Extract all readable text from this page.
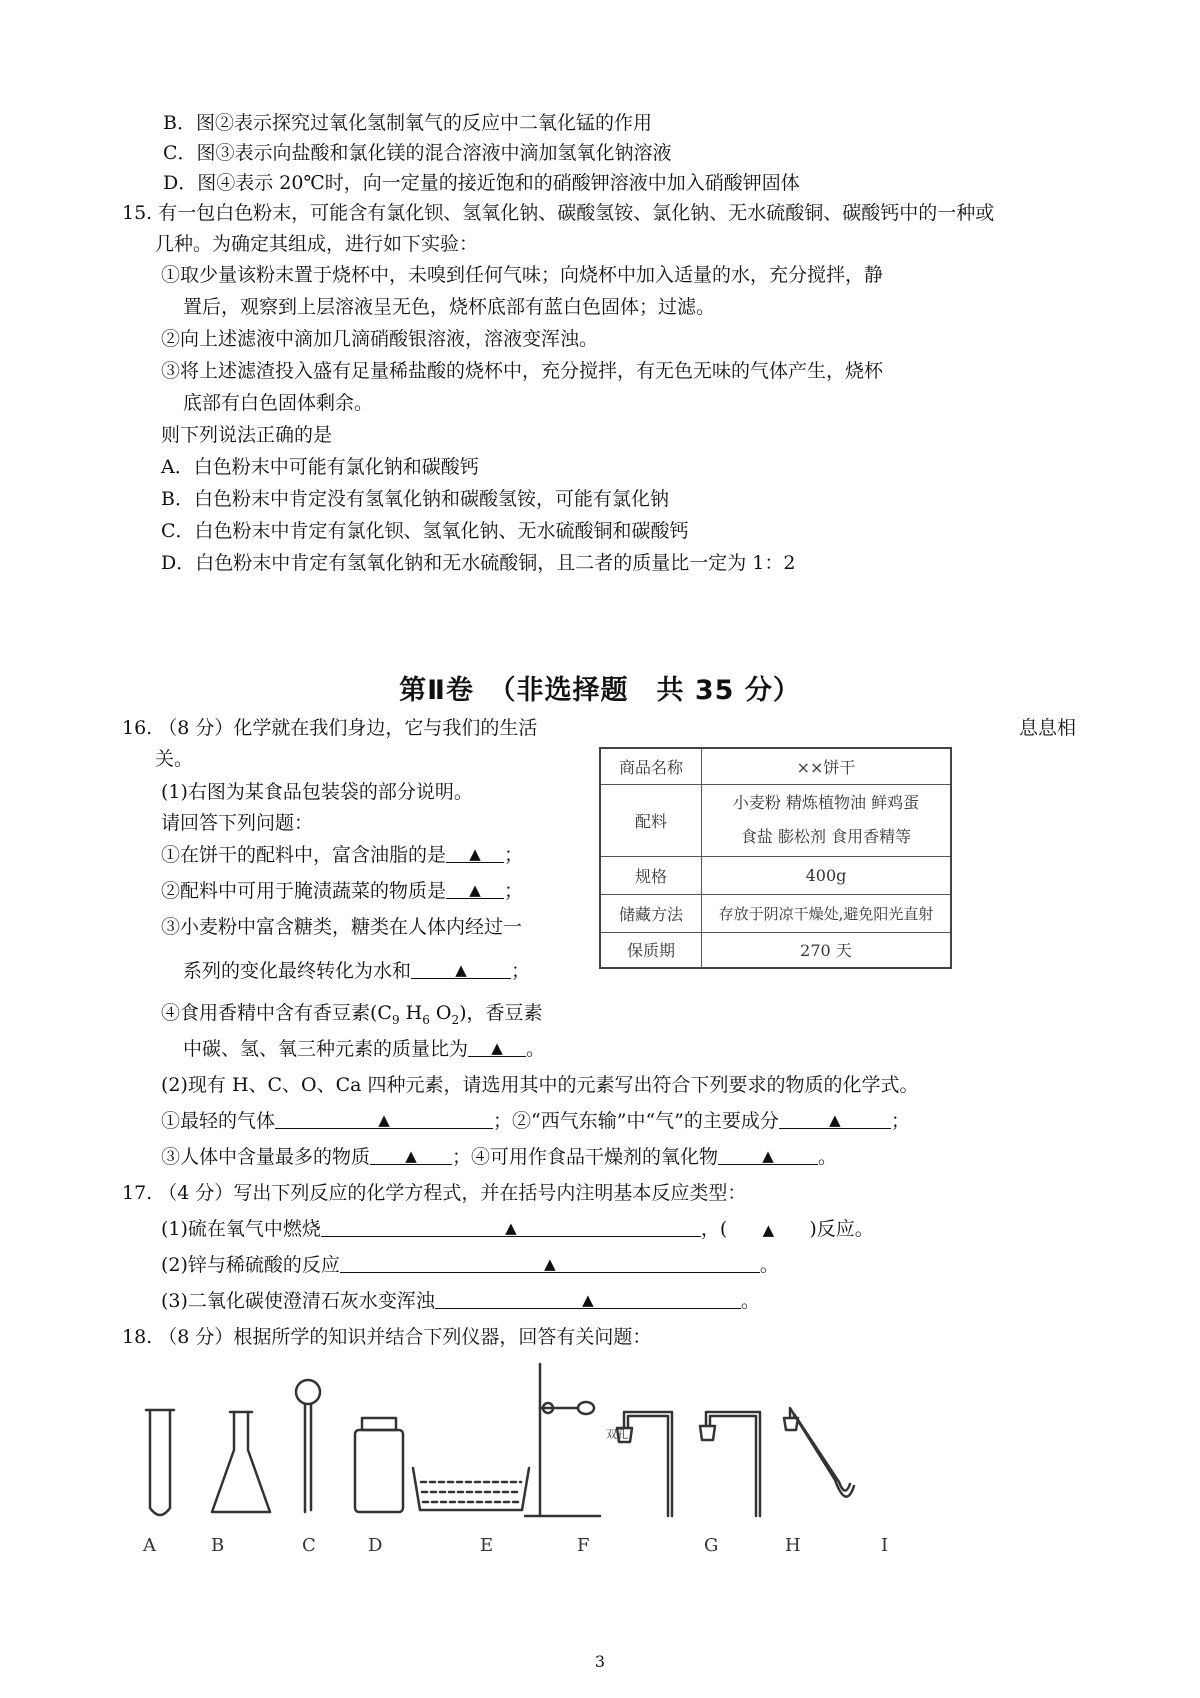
B．图②表示探究过氧化氢制氧气的反应中二氧化锰的作用
C．图③表示向盐酸和氯化镁的混合溶液中滴加氢氧化钠溶液
D．图④表示 20℃时，向一定量的接近饱和的硝酸钾溶液中加入硝酸钾固体
15. 有一包白色粉末，可能含有氯化钡、氢氧化钠、碳酸氢铵、氯化钠、无水硫酸铜、碳酸钙中的一种或
几种。为确定其组成，进行如下实验：
①取少量该粉末置于烧杯中，未嗅到任何气味；向烧杯中加入适量的水，充分搅拌，静
置后，观察到上层溶液呈无色，烧杯底部有蓝白色固体；过滤。
②向上述滤液中滴加几滴硝酸银溶液，溶液变浑浊。
③将上述滤渣投入盛有足量稀盐酸的烧杯中，充分搅拌，有无色无味的气体产生，烧杯
底部有白色固体剩余。
则下列说法正确的是
A．白色粉末中可能有氯化钠和碳酸钙
B．白色粉末中肯定没有氢氧化钠和碳酸氢铵，可能有氯化钠
C．白色粉末中肯定有氯化钡、氢氧化钠、无水硫酸铜和碳酸钙
D．白色粉末中肯定有氢氧化钠和无水硫酸铜，且二者的质量比一定为 1：2
第Ⅱ卷　（非选择题　共 35 分）
16. （8 分）化学就在我们身边，它与我们的生活	息息相
关。
(1)右图为某食品包装袋的部分说明。
请回答下列问题：
①在饼干的配料中，富含油脂的是 ▲ ；
②配料中可用于腌渍蔬菜的物质是 ▲ ；
③小麦粉中富含糖类，糖类在人体内经过一
系列的变化最终转化为水和	▲ ；
④食用香精中含有香豆素($C_9$ $H_6$ $O_2$)，香豆素
中碳、氢、氧三种元素的质量比为 ▲ 。
(2)现有 H、C、O、Ca 四种元素，请选用其中的元素写出符合下列要求的物质的化学式。
①最轻的气体	▲	；②“西气东输”中“气”的主要成分	▲	；
③人体中含量最多的物质 ▲ ；④可用作食品干燥剂的氧化物	▲ 。
商品名称	××饼干
配料	小麦粉 精炼植物油 鲜鸡蛋
食盐 膨松剂 食用香精等

规格	400g
储藏方法	存放于阴凉干燥处,避免阳光直射
保质期	270 天
17. （4 分）写出下列反应的化学方程式，并在括号内注明基本反应类型：
(1)硫在氧气中燃烧	▲	，( ▲ )反应。
(2)锌与稀硫酸的反应	▲	。
(3)二氧化碳使澄清石灰水变浑浊	▲	。
18. （8 分）根据所学的知识并结合下列仪器，回答有关问题：
双孔
A	B	C	D	E	F	G	H	I
3
